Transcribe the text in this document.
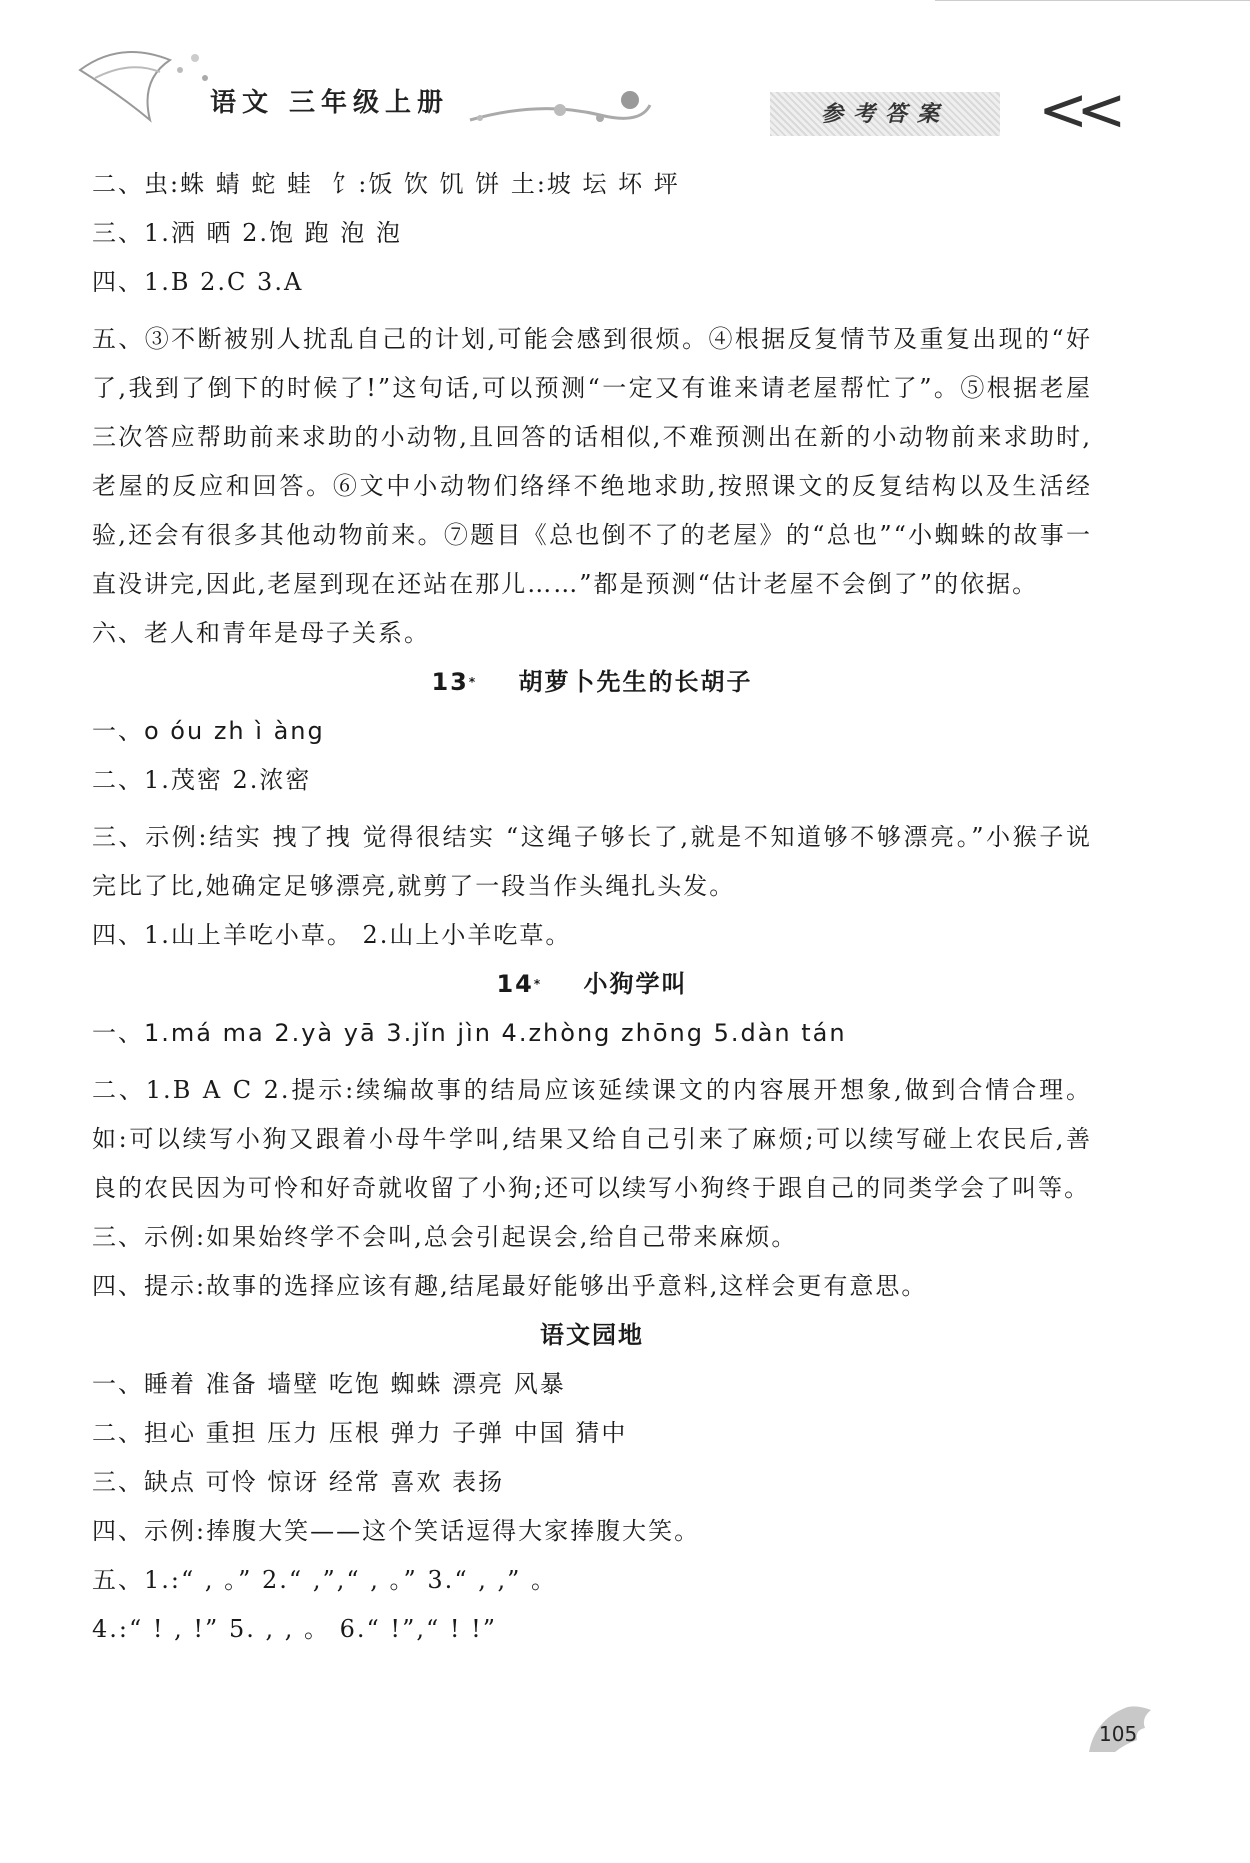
语文 三年级上册	参考答案	<<
二、虫:蛛 蜻 蛇 蛙  饣:饭 饮 饥 饼 土:坡 坛 坏 坪
三、1.洒 晒 2.饱 跑 泡 泡
四、1.B 2.C 3.A
五、③不断被别人扰乱自己的计划,可能会感到很烦。④根据反复情节及重复出现的“好了,我到了倒下的时候了!”这句话,可以预测“一定又有谁来请老屋帮忙了”。⑤根据老屋三次答应帮助前来求助的小动物,且回答的话相似,不难预测出在新的小动物前来求助时,老屋的反应和回答。⑥文中小动物们络绎不绝地求助,按照课文的反复结构以及生活经验,还会有很多其他动物前来。⑦题目《总也倒不了的老屋》的“总也”“小蜘蛛的故事一直没讲完,因此,老屋到现在还站在那儿……”都是预测“估计老屋不会倒了”的依据。
六、老人和青年是母子关系。
13* 胡萝卜先生的长胡子
一、o óu zh ì àng
二、1.茂密 2.浓密
三、示例:结实 拽了拽 觉得很结实 “这绳子够长了,就是不知道够不够漂亮。”小猴子说完比了比,她确定足够漂亮,就剪了一段当作头绳扎头发。
四、1.山上羊吃小草。 2.山上小羊吃草。
14* 小狗学叫
一、1.má ma 2.yà yā 3.jǐn jìn 4.zhòng zhōng 5.dàn tán
二、1.B A C 2.提示:续编故事的结局应该延续课文的内容展开想象,做到合情合理。如:可以续写小狗又跟着小母牛学叫,结果又给自己引来了麻烦;可以续写碰上农民后,善良的农民因为可怜和好奇就收留了小狗;还可以续写小狗终于跟自己的同类学会了叫等。
三、示例:如果始终学不会叫,总会引起误会,给自己带来麻烦。
四、提示:故事的选择应该有趣,结尾最好能够出乎意料,这样会更有意思。
语文园地
一、睡着 准备 墙壁 吃饱 蜘蛛 漂亮 风暴
二、担心 重担 压力 压根 弹力 子弹 中国 猜中
三、缺点 可怜 惊讶 经常 喜欢 表扬
四、示例:捧腹大笑——这个笑话逗得大家捧腹大笑。
五、1.:“ , 。” 2.“ ,”,“ , 。” 3.“ , ,” 。
4.:“ ! , !” 5. , , 。 6.“ !”,“ ! !”
105
